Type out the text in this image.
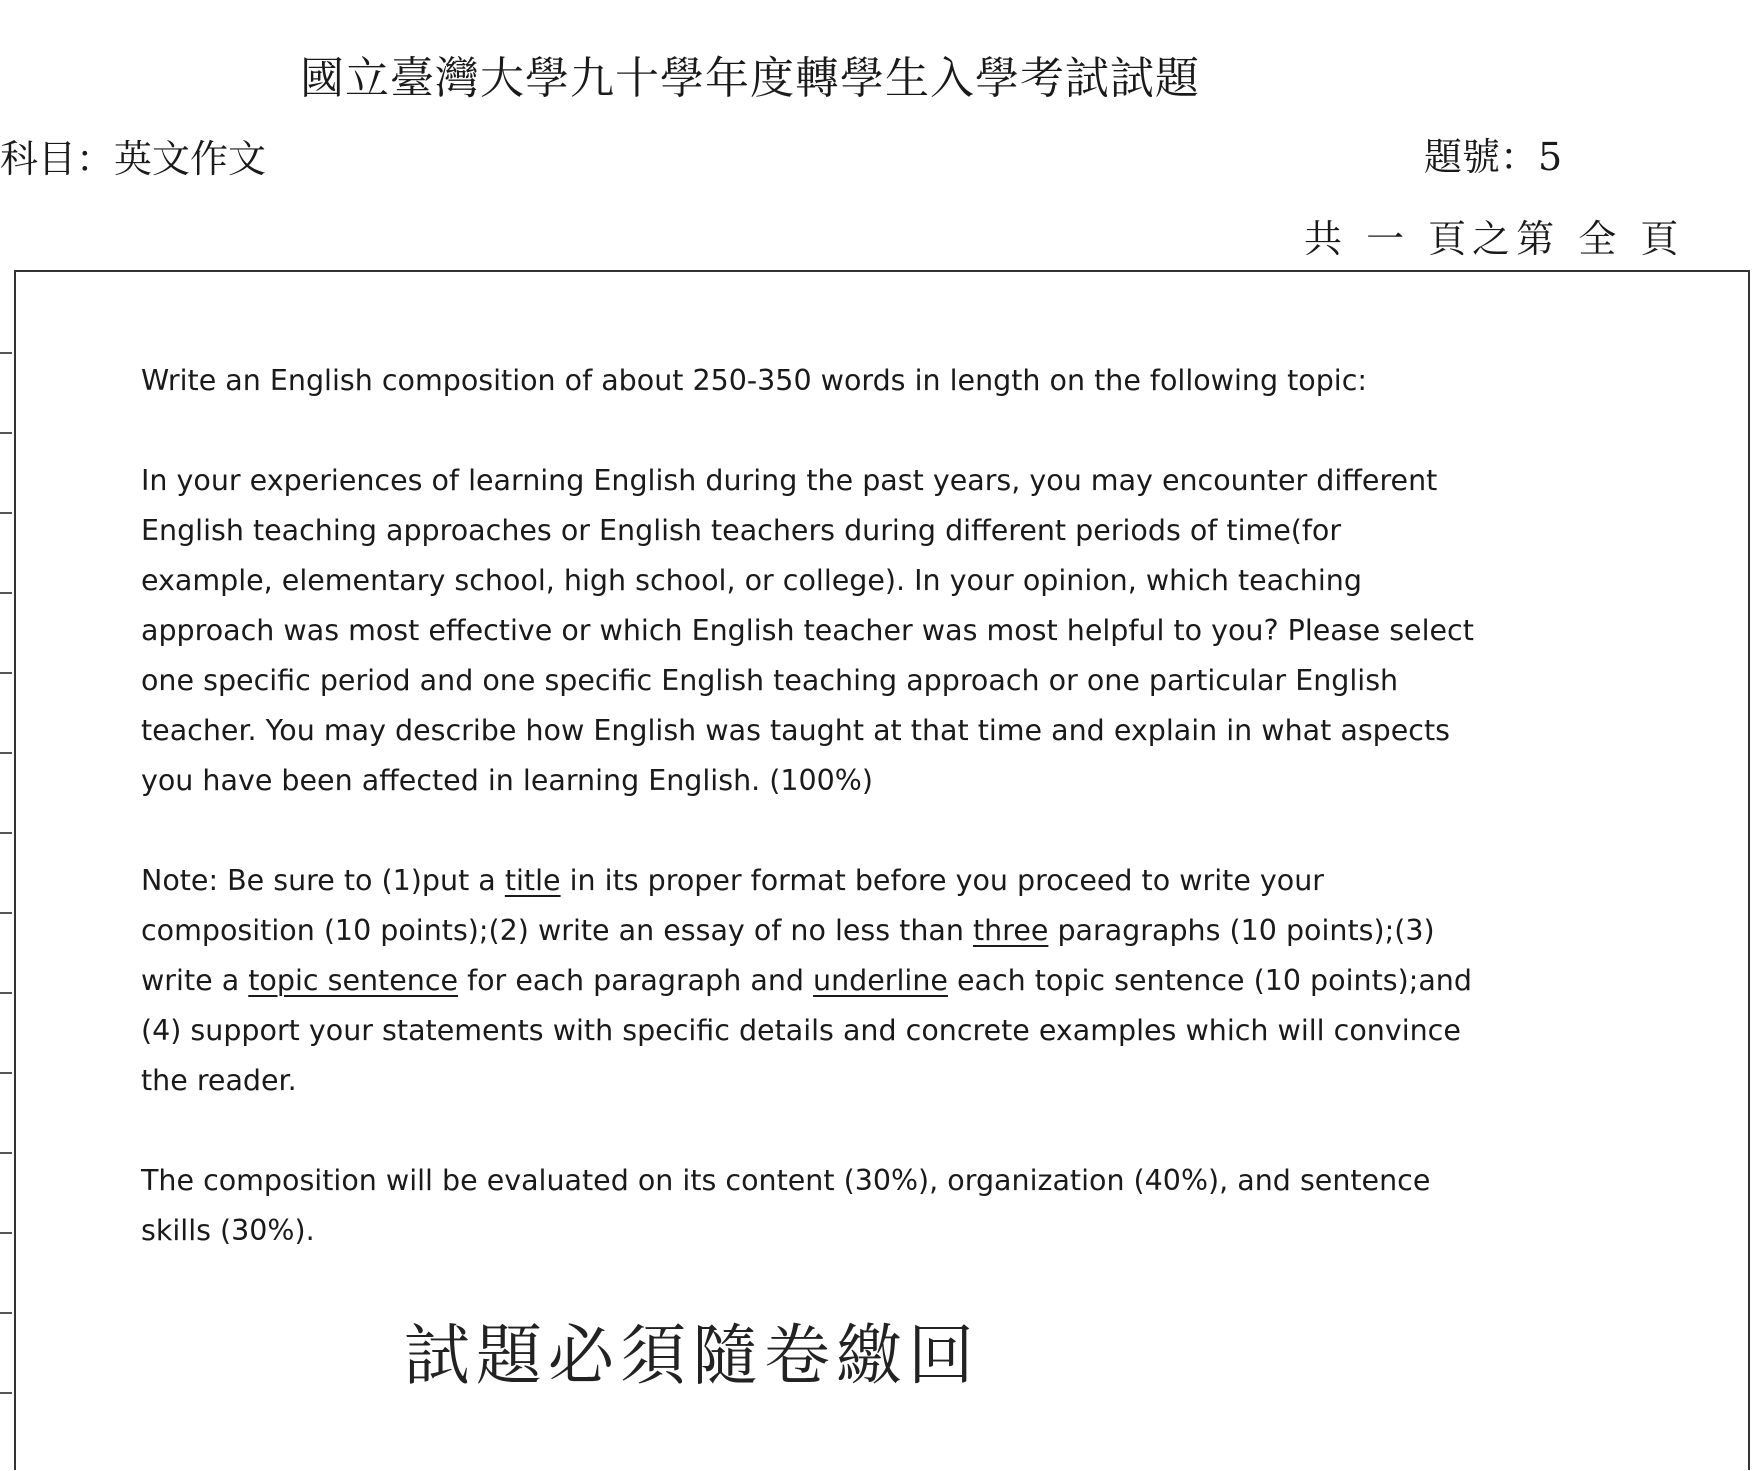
國立臺灣大學九十學年度轉學生入學考試試題
科目：英文作文	題號：5
共 一 頁之第 全 頁

Write an English composition of about 250-350 words in length on the following topic:

In your experiences of learning English during the past years, you may encounter different English teaching approaches or English teachers during different periods of time(for example, elementary school, high school, or college). In your opinion, which teaching approach was most effective or which English teacher was most helpful to you? Please select one specific period and one specific English teaching approach or one particular English teacher. You may describe how English was taught at that time and explain in what aspects you have been affected in learning English. (100%)

Note: Be sure to (1)put a title in its proper format before you proceed to write your composition (10 points);(2) write an essay of no less than three paragraphs (10 points);(3) write a topic sentence for each paragraph and underline each topic sentence (10 points);and (4) support your statements with specific details and concrete examples which will convince the reader.

The composition will be evaluated on its content (30%), organization (40%), and sentence skills (30%).

試題必須隨卷繳回
